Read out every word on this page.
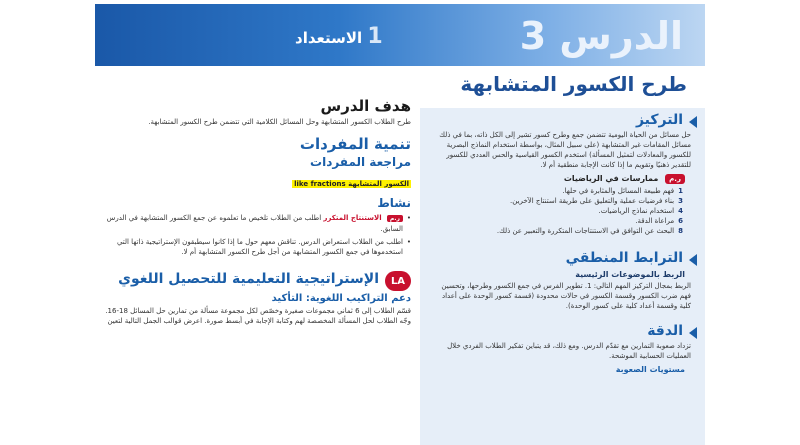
الدرس 3
1 الاستعداد
طرح الكسور المتشابهة
التركيز
حل مسائل من الحياة اليومية تتضمن جمع وطرح كسور تشير إلى الكل ذاته، بما في ذلك مسائل المقامات غير المتشابهة (على سبيل المثال، بواسطة استخدام النماذج البصرية للكسور والمعادلات لتمثيل المسألة) استخدم الكسور القياسية والحس العددي للكسور للتقدير ذهنيًا وتقويم ما إذا كانت الإجابة منطقية أم لا.
ر.م ممارسات في الرياضيات
1فهم طبيعة المسائل والمثابرة في حلها.
3بناء فرضيات عملية والتعليق على طريقة استنتاج الآخرين.
4استخدام نماذج الرياضيات.
6مراعاة الدقة.
8البحث عن التوافق في الاستنتاجات المتكررة والتعبير عن ذلك.
الترابط المنطقي
الربط بالموضوعات الرئيسية
الربط بمجال التركيز المهم التالي: 1. تطوير الفرس في جمع الكسور وطرحها، وتحسين فهم ضرب الكسور وقسمة الكسور في حالات محدودة (قسمة كسور الوحدة على أعداد كلية وقسمة أعداد كلية على كسور الوحدة).
الدقة
تزداد صعوبة التمارين مع تقدّم الدرس. ومع ذلك، قد يتباين تفكير الطلاب الفردي خلال العمليات الحسابية الموشحة.
مستويات الصعوبة
هدف الدرس
طرح الطلاب الكسور المتشابهة وحل المسائل الكلامية التي تتضمن طرح الكسور المتشابهة.
تنمية المفردات
مراجعة المفردات
الكسور المتشابهة like fractions
نشاط
• ر.م الاستنتاج المتكرر اطلب من الطلاب تلخيص ما تعلموه عن جمع الكسور المتشابهة في الدرس السابق.
• اطلب من الطلاب استعراض الدرس. تناقش معهم حول ما إذا كانوا سيطبقون الإستراتيجية ذاتها التي استخدموها في جمع الكسور المتشابهة من أجل طرح الكسور المتشابهة أم لا.
LA
الإستراتيجية التعليمية للتحصيل اللغوي
دعم التراكيب اللغوية: التأكيد
قسّم الطلاب إلى 6 ثماني مجموعات صغيرة وخصّص لكل مجموعة مسألة من تمارين حل المسائل 18-16. وجّه الطلاب لحل المسألة المخصصة لهم وكتابة الإجابة في أبسط صورة. اعرض قوالب الجمل التالية لتعين
